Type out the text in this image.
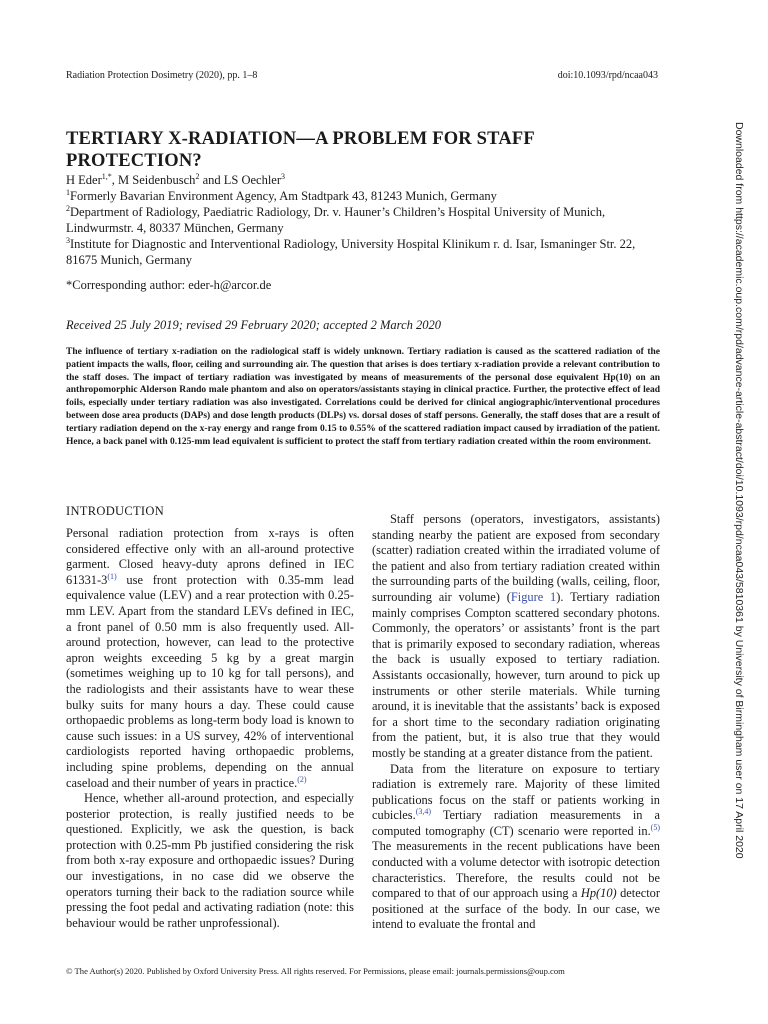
Radiation Protection Dosimetry (2020), pp. 1–8	doi:10.1093/rpd/ncaa043
TERTIARY X-RADIATION—A PROBLEM FOR STAFF
PROTECTION?
H Eder$^{1,*}$, M Seidenbusch$^2$ and LS Oechler$^3$
$^1$Formerly Bavarian Environment Agency, Am Stadtpark 43, 81243 Munich, Germany
$^2$Department of Radiology, Paediatric Radiology, Dr. v. Hauner’s Children’s Hospital University of Munich, Lindwurmstr. 4, 80337 München, Germany
$^3$Institute for Diagnostic and Interventional Radiology, University Hospital Klinikum r. d. Isar, Ismaninger Str. 22, 81675 Munich, Germany
*Corresponding author: eder-h@arcor.de
Received 25 July 2019; revised 29 February 2020; accepted 2 March 2020
The influence of tertiary x-radiation on the radiological staff is widely unknown. Tertiary radiation is caused as the scattered radiation of the patient impacts the walls, floor, ceiling and surrounding air. The question that arises is does tertiary x-radiation provide a relevant contribution to the staff doses. The impact of tertiary radiation was investigated by means of measurements of the personal dose equivalent Hp(10) on an anthropomorphic Alderson Rando male phantom and also on operators/assistants staying in clinical practice. Further, the protective effect of lead foils, especially under tertiary radiation was also investigated. Correlations could be derived for clinical angiographic/interventional procedures between dose area products (DAPs) and dose length products (DLPs) vs. dorsal doses of staff persons. Generally, the staff doses that are a result of tertiary radiation depend on the x-ray energy and range from 0.15 to 0.55% of the scattered radiation impact caused by irradiation of the patient. Hence, a back panel with 0.125-mm lead equivalent is sufficient to protect the staff from tertiary radiation created within the room environment.
INTRODUCTION

Personal radiation protection from x-rays is often considered effective only with an all-around protective garment. Closed heavy-duty aprons defined in IEC 61331-3$^{(1)}$ use front protection with 0.35-mm lead equivalence value (LEV) and a rear protection with 0.25-mm LEV. Apart from the standard LEVs defined in IEC, a front panel of 0.50 mm is also frequently used. All-around protection, however, can lead to the protective apron weights exceeding 5 kg by a great margin (sometimes weighing up to 10 kg for tall persons), and the radiologists and their assistants have to wear these bulky suits for many hours a day. These could cause orthopaedic problems as long-term body load is known to cause such issues: in a US survey, 42% of interventional cardiologists reported having orthopaedic problems, including spine problems, depending on the annual caseload and their number of years in practice.$^{(2)}$

Hence, whether all-around protection, and especially posterior protection, is really justified needs to be questioned. Explicitly, we ask the question, is back protection with 0.25-mm Pb justified considering the risk from both x-ray exposure and orthopaedic issues? During our investigations, in no case did we observe the operators turning their back to the radiation source while pressing the foot pedal and activating radiation (note: this behaviour would be rather unprofessional).

Staff persons (operators, investigators, assistants) standing nearby the patient are exposed from secondary (scatter) radiation created within the irradiated volume of the patient and also from tertiary radiation created within the surrounding parts of the building (walls, ceiling, floor, surrounding air volume) (Figure 1). Tertiary radiation mainly comprises Compton scattered secondary photons. Commonly, the operators’ or assistants’ front is the part that is primarily exposed to secondary radiation, whereas the back is usually exposed to tertiary radiation. Assistants occasionally, however, turn around to pick up instruments or other sterile materials. While turning around, it is inevitable that the assistants’ back is exposed for a short time to the secondary radiation originating from the patient, but, it is also true that they would mostly be standing at a greater distance from the patient.

Data from the literature on exposure to tertiary radiation is extremely rare. Majority of these limited publications focus on the staff or patients working in cubicles.$^{(3,4)}$ Tertiary radiation measurements in a computed tomography (CT) scenario were reported in.$^{(5)}$ The measurements in the recent publications have been conducted with a volume detector with isotropic detection characteristics. Therefore, the results could not be compared to that of our approach using a Hp(10) detector positioned at the surface of the body. In our case, we intend to evaluate the frontal and

© The Author(s) 2020. Published by Oxford University Press. All rights reserved. For Permissions, please email: journals.permissions@oup.com
Downloaded from https://academic.oup.com/rpd/advance-article-abstract/doi/10.1093/rpd/ncaa043/5810361 by University of Birmingham user on 17 April 2020
